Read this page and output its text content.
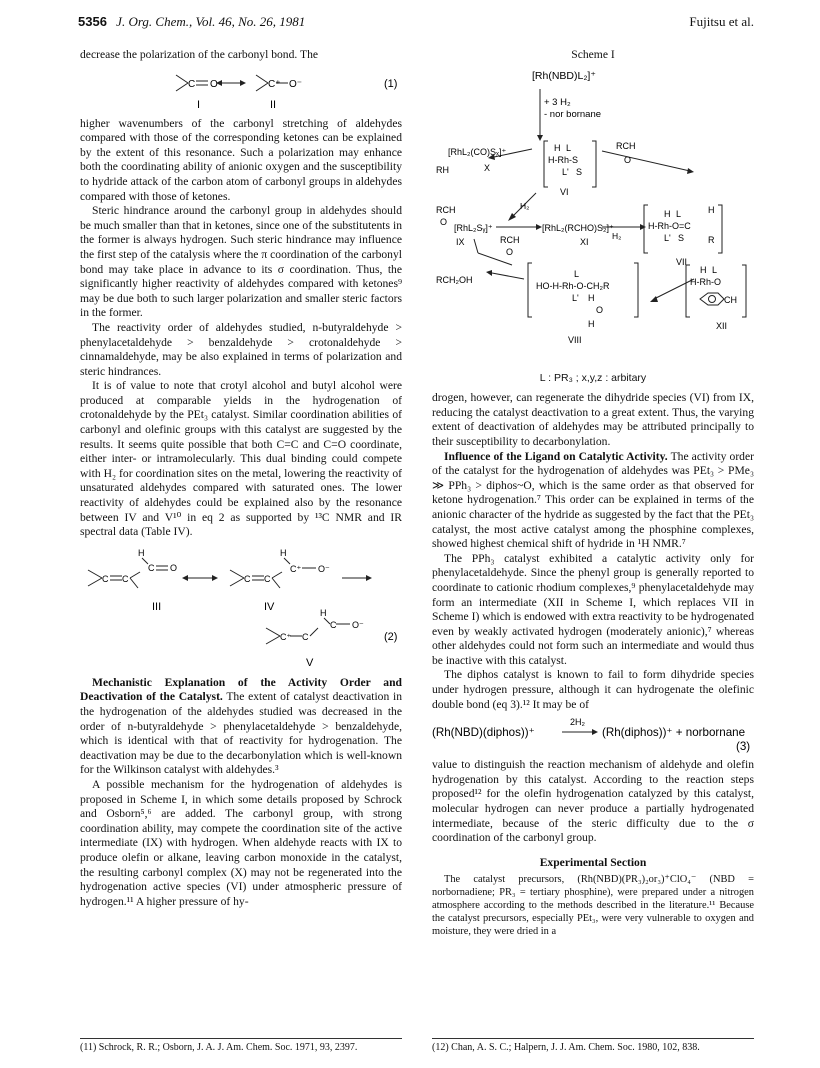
5356 J. Org. Chem., Vol. 46, No. 26, 1981	Fujitsu et al.

decrease the polarization of the carbonyl bond. The

C O	C⁺ O⁻	(1)
I	II

higher wavenumbers of the carbonyl stretching of aldehydes compared with those of the corresponding ketones can be explained by the extent of this resonance. Such a polarization may enhance both the coordinating ability of anionic oxygen and the susceptibility to hydride attack of the carbon atom of carbonyl groups in aldehydes compared with those of ketones.

Steric hindrance around the carbonyl group in aldehydes should be much smaller than that in ketones, since one of the substitutents in the former is always hydrogen. Such steric hindrance may influence the first step of the catalysis where the π coordination of the carbonyl bond may take place in advance to its σ coordination. Thus, the significantly higher reactivity of aldehydes compared with ketones⁹ may be due both to such larger polarization and smaller steric factors in the former.

The reactivity order of aldehydes studied, n-butyraldehyde > phenylacetaldehyde > benzaldehyde > crotonaldehyde > cinnamaldehyde, may be also explained in terms of polarization and steric hindrances.

It is of value to note that crotyl alcohol and butyl alcohol were produced at comparable yields in the hydrogenation of crotonaldehyde by the PEt₃ catalyst. Similar coordination abilities of carbonyl and olefinic groups with this catalyst are suggested by the results. It seems quite possible that both C=C and C=O coordinate, either inter- or intramolecularly. This dual binding could compete with H₂ for coordination sites on the metal, lowering the reactivity of unsaturated aldehydes compared with saturated ones. The lower reactivity of aldehydes could be explained also by the resonance between IV and V¹⁰ in eq 2 as supported by ¹³C NMR and IR spectral data (Table IV).

C C
H
C O
C C
H
C⁺ O⁻
C⁺ C
H
C O⁻
III	IV
(2)
V

Mechanistic Explanation of the Activity Order and Deactivation of the Catalyst. The extent of catalyst deactivation in the hydrogenation of the aldehydes studied was decreased in the order of n-butyraldehyde > phenylacetaldehyde > benzaldehyde, which is identical with that of reactivity for hydrogenation. The deactivation may be due to the decarbonylation which is well-known for the Wilkinson catalyst with aldehydes.³

A possible mechanism for the hydrogenation of aldehydes is proposed in Scheme I, in which some details proposed by Schrock and Osborn⁵,⁶ are added. The carbonyl group, with strong coordination ability, may compete the coordination site of the active intermediate (IX) with hydrogen. When aldehyde reacts with IX to produce olefin or alkane, leaving carbon monoxide in the catalyst, the resulting carbonyl complex (X) may not be regenerated into the hydrogenation active species (VI) under atmospheric pressure of hydrogen.¹¹ A higher pressure of hy-

Scheme I
[Rh(NBD)L₂]⁺
+ 3 H₂
- nor bornane
H L
H-Rh-S
L' S
VI
[RhL₂(CO)Sₓ]⁺
X
RH
RCH
O
RCH
O
H₂
[RhL₂Sᵧ]⁺
IX	RCH
O
[RhL₂(RCHO)S₂]⁺
XI
H₂
H L	H
H-Rh-O=C
L' S	R
VII
RCH₂OH
HO-H-Rh-O-CH₂R
L
L' H
O
H
VIII
H L
H-Rh-O
CH
XII
L : PR₃ ; x,y,z : arbitary

drogen, however, can regenerate the dihydride species (VI) from IX, reducing the catalyst deactivation to a great extent. Thus, the varying extent of deactivation of aldehydes may be attributed principally to their susceptibility to decarbonylation.

Influence of the Ligand on Catalytic Activity. The activity order of the catalyst for the hydrogenation of aldehydes was PEt₃ > PMe₃ ≫ PPh₃ > diphos~O, which is the same order as that observed for ketone hydrogenation.⁷ This order can be explained in terms of the anionic character of the hydride as suggested by the fact that the PEt₃ catalyst, the most active catalyst among the phosphine complexes, showed highest chemical shift of hydride in ¹H NMR.⁷

The PPh₃ catalyst exhibited a catalytic activity only for phenylacetaldehyde. Since the phenyl group is generally reported to coordinate to cationic rhodium complexes,⁹ phenylacetaldehyde may form an intermediate (XII in Scheme I, which replaces VII in Scheme I) which is endowed with extra reactivity to be hydrogenated even by weakly activated hydrogen (moderately anionic),⁷ whereas other aldehydes could not form such an intermediate and would thus be inactive with this catalyst.

The diphos catalyst is known to fail to form dihydride species under hydrogen pressure, although it can hydrogenate the olefinic double bond (eq 3).¹² It may be of

(Rh(NBD)(diphos))⁺
2H₂
(Rh(diphos))⁺ + norbornane
(3)

value to distinguish the reaction mechanism of aldehyde and olefin hydrogenation by this catalyst. According to the reaction steps proposed¹² for the olefin hydrogenation catalyzed by this catalyst, molecular hydrogen can never produce a partially hydrogenated intermediate, because of the steric difficulty due to the σ coordination of the carbonyl group.

Experimental Section

The catalyst precursors, (Rh(NBD)(PR₃)₂or₃)⁺ClO₄⁻ (NBD = norbornadiene; PR₃ = tertiary phosphine), were prepared under a nitrogen atmosphere according to the methods described in the literature.¹¹ Because the catalyst precursors, especially PEt₃, were very vulnerable to oxygen and moisture, they were dried in a

(11) Schrock, R. R.; Osborn, J. A. J. Am. Chem. Soc. 1971, 93, 2397.	(12) Chan, A. S. C.; Halpern, J. J. Am. Chem. Soc. 1980, 102, 838.
